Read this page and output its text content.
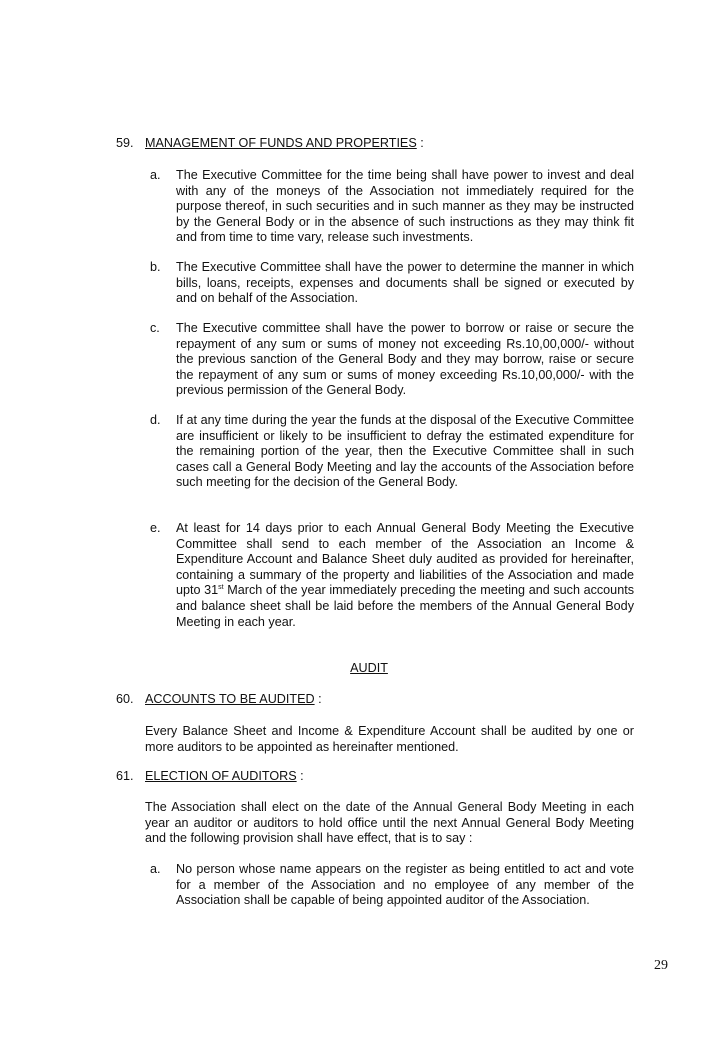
59. MANAGEMENT OF FUNDS AND PROPERTIES :
a.	The Executive Committee for the time being shall have power to invest and deal with any of the moneys of the Association not immediately required for the purpose thereof, in such securities and in such manner as they may be instructed by the General Body or in the absence of such instructions as they may think fit and from time to time vary, release such investments.
b.	The Executive Committee shall have the power to determine the manner in which bills, loans, receipts, expenses and documents shall be signed or executed by and on behalf of the Association.
c.	The Executive committee shall have the power to borrow or raise or secure the repayment of any sum or sums of money not exceeding Rs.10,00,000/- without the previous sanction of the General Body and they may borrow, raise or secure the repayment of any sum or sums of money exceeding Rs.10,00,000/- with the previous permission of the General Body.
d.	If at any time during the year the funds at the disposal of the Executive Committee are insufficient or likely to be insufficient to defray the estimated expenditure for the remaining portion of the year, then the Executive Committee shall in such cases call a General Body Meeting and lay the accounts of the Association before such meeting for the decision of the General Body.
e.	At least for 14 days prior to each Annual General Body Meeting the Executive Committee shall send to each member of the Association an Income & Expenditure Account and Balance Sheet duly audited as provided for hereinafter, containing a summary of the property and liabilities of the Association and made upto 31st March of the year immediately preceding the meeting and such accounts and balance sheet shall be laid before the members of the Annual General Body Meeting in each year.
AUDIT
60. ACCOUNTS TO BE AUDITED :
Every Balance Sheet and Income & Expenditure Account shall be audited by one or more auditors to be appointed as hereinafter mentioned.
61. ELECTION OF AUDITORS :
The Association shall elect on the date of the Annual General Body Meeting in each year an auditor or auditors to hold office until the next Annual General Body Meeting and the following provision shall have effect, that is to say :
a.	No person whose name appears on the register as being entitled to act and vote for a member of the Association and no employee of any member of the Association shall be capable of being appointed auditor of the Association.
29
